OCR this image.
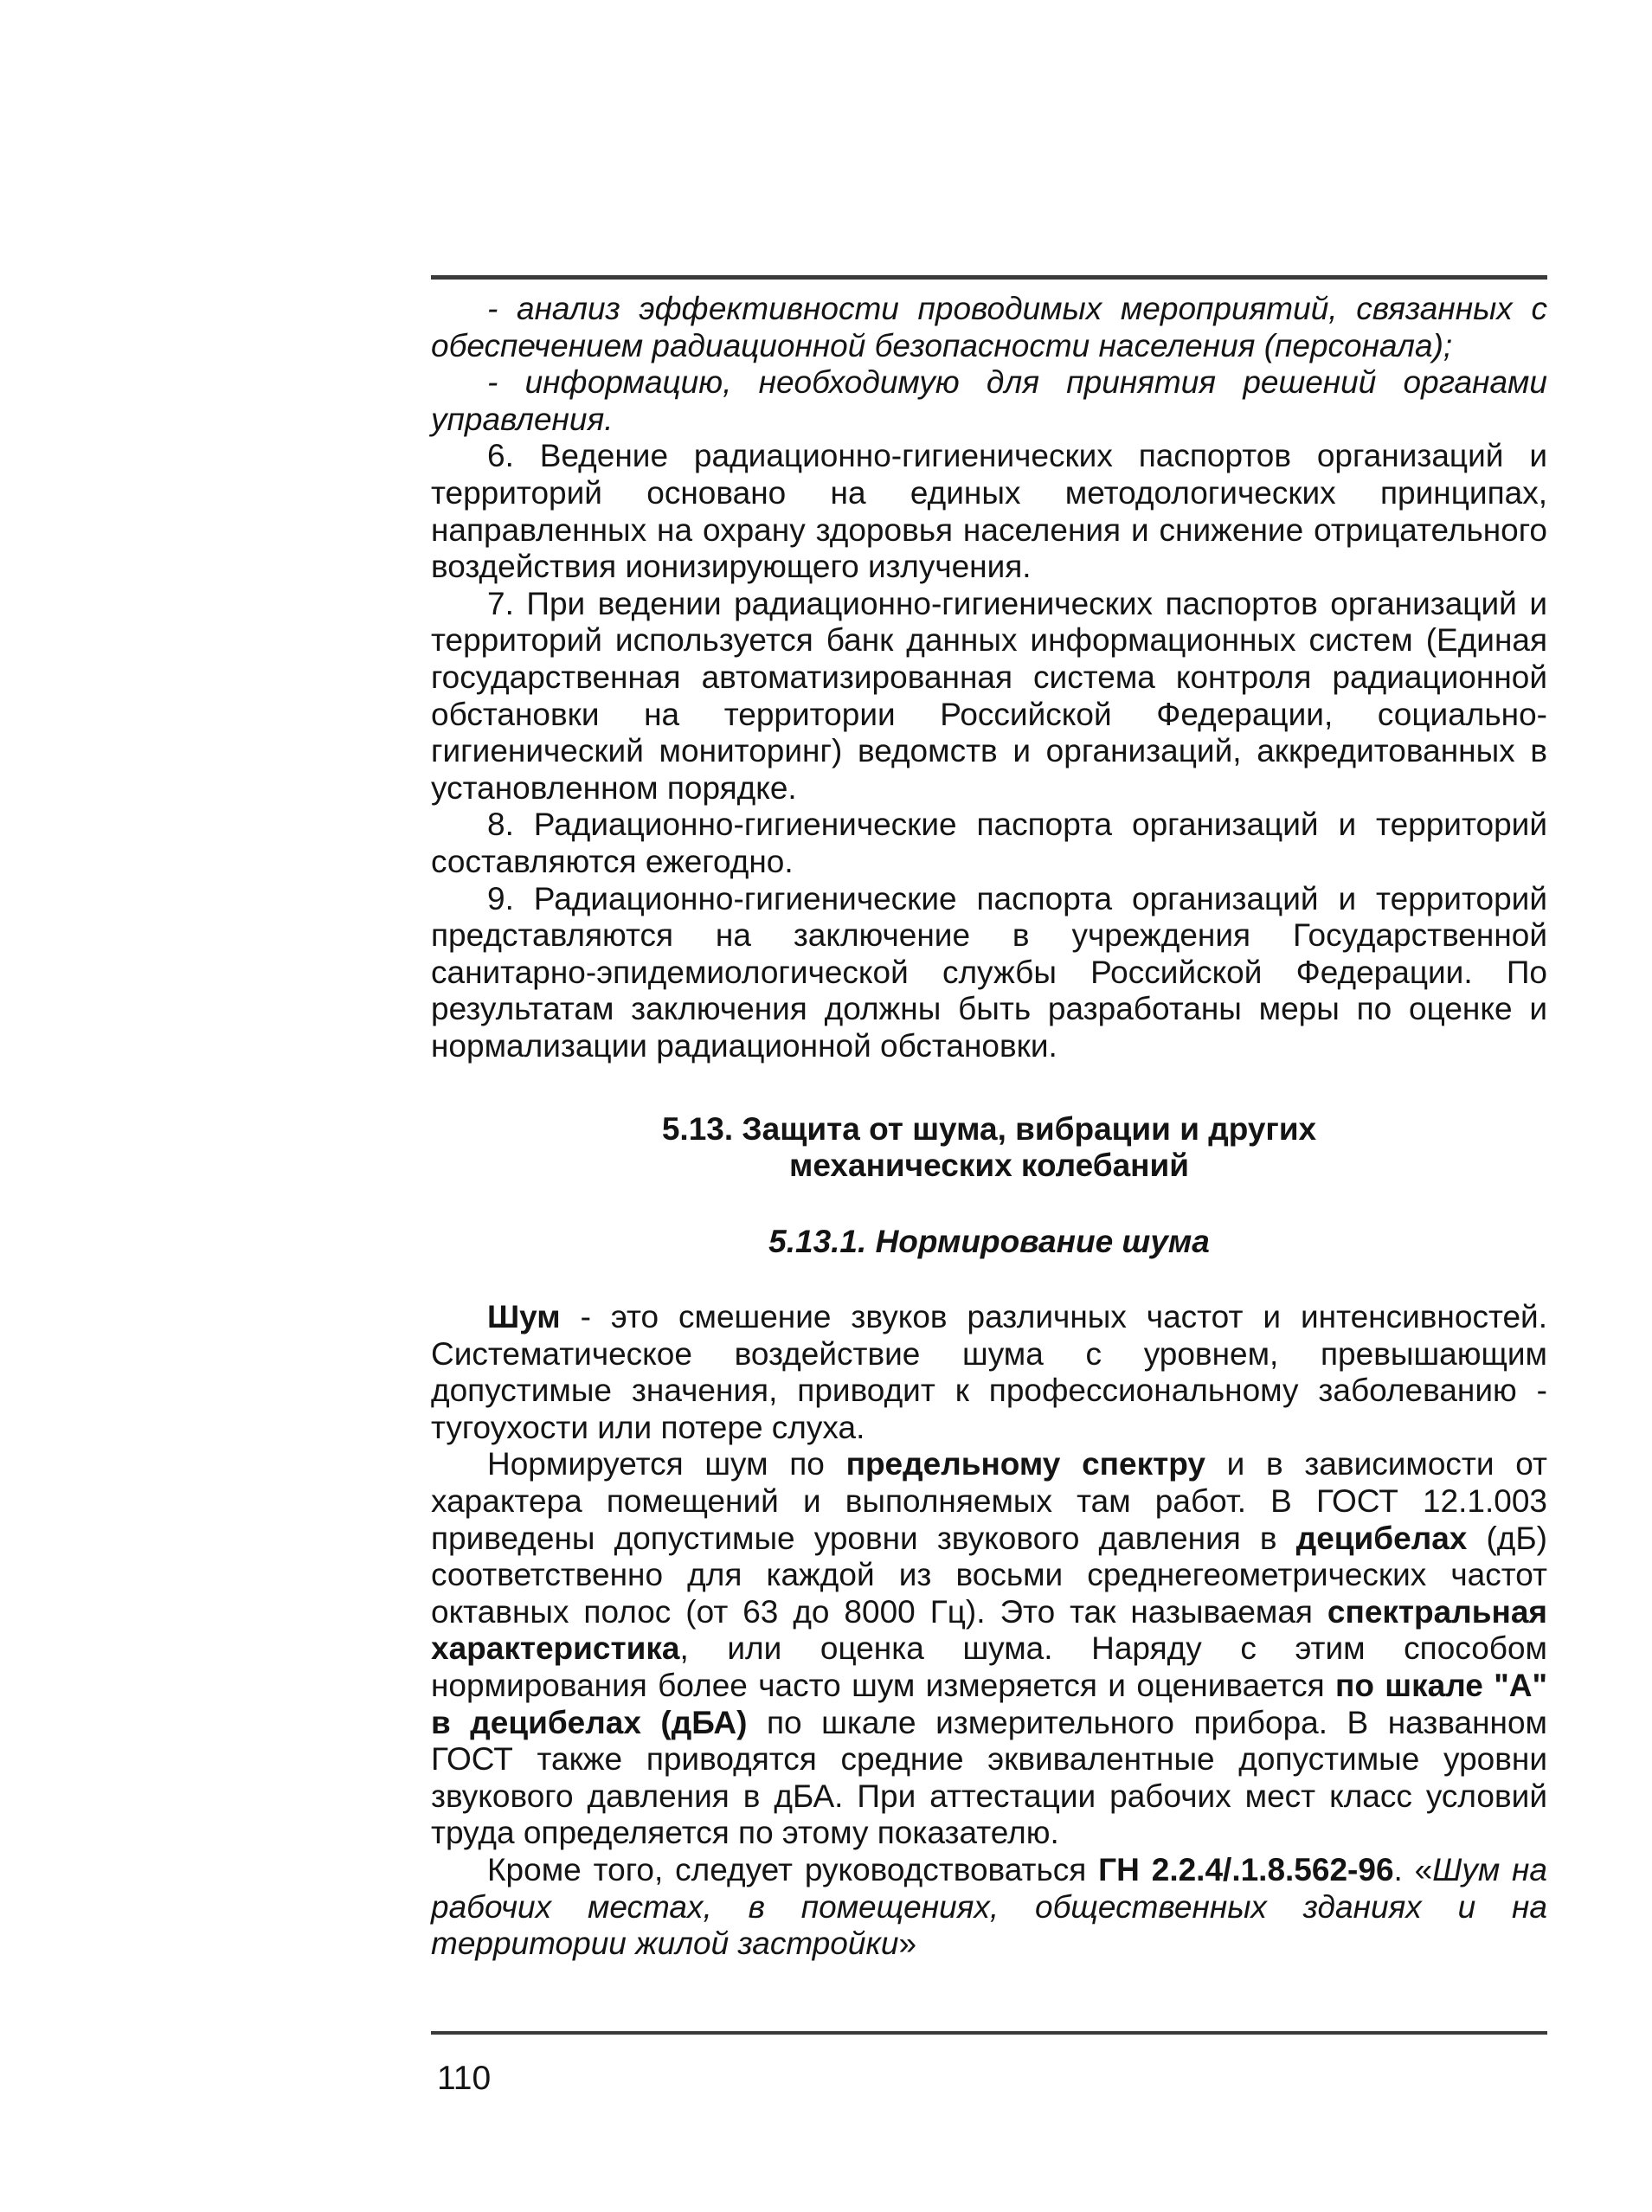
- анализ эффективности проводимых мероприятий, связанных с обеспечением радиационной безопасности населения (персонала);

- информацию, необходимую для принятия решений органами управления.

6. Ведение радиационно-гигиенических паспортов организаций и территорий основано на единых методологических принципах, направленных на охрану здоровья населения и снижение отрицательного воздействия ионизирующего излучения.

7. При ведении радиационно-гигиенических паспортов организаций и территорий используется банк данных информационных систем (Единая государственная автоматизированная система контроля радиационной обстановки на территории Российской Федерации, социально-гигиенический мониторинг) ведомств и организаций, аккредитованных в установленном порядке.

8. Радиационно-гигиенические паспорта организаций и территорий составляются ежегодно.

9. Радиационно-гигиенические паспорта организаций и территорий представляются на заключение в учреждения Государственной санитарно-эпидемиологической службы Российской Федерации. По результатам заключения должны быть разработаны меры по оценке и нормализации радиационной обстановки.

5.13. Защита от шума, вибрации и других
механических колебаний

5.13.1. Нормирование шума

Шум - это смешение звуков различных частот и интенсивностей. Систематическое воздействие шума с уровнем, превышающим допустимые значения, приводит к профессиональному заболеванию - тугоухости или потере слуха.

Нормируется шум по предельному спектру и в зависимости от характера помещений и выполняемых там работ. В ГОСТ 12.1.003 приведены допустимые уровни звукового давления в децибелах (дБ) соответственно для каждой из восьми среднегеометрических частот октавных полос (от 63 до 8000 Гц). Это так называемая спектральная характеристика, или оценка шума. Наряду с этим способом нормирования более часто шум измеряется и оценивается по шкале "А" в децибелах (дБА) по шкале измерительного прибора. В названном ГОСТ также приводятся средние эквивалентные допустимые уровни звукового давления в дБА. При аттестации рабочих мест класс условий труда определяется по этому показателю.

Кроме того, следует руководствоваться ГН 2.2.4/.1.8.562-96. «Шум на рабочих местах, в помещениях, общественных зданиях и на территории жилой застройки»

110
